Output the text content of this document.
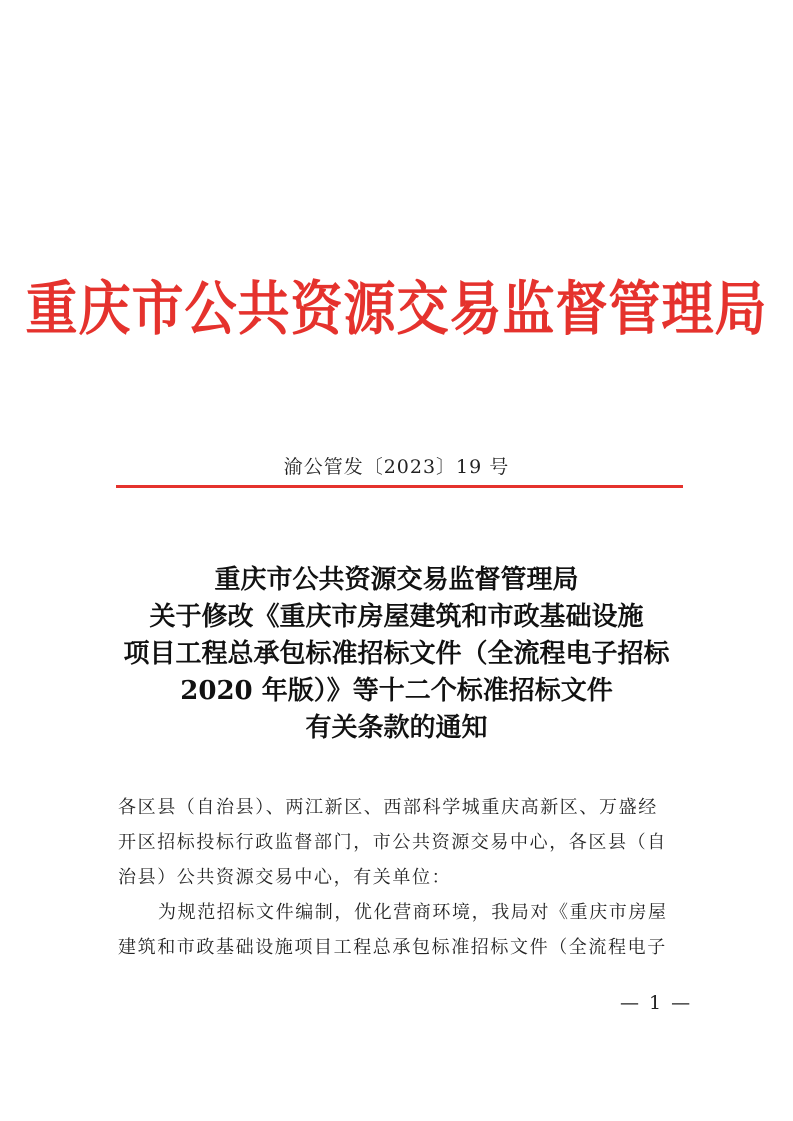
重庆市公共资源交易监督管理局
渝公管发〔2023〕19 号
重庆市公共资源交易监督管理局
关于修改《重庆市房屋建筑和市政基础设施
项目工程总承包标准招标文件（全流程电子招标
2020 年版）》等十二个标准招标文件
有关条款的通知

各区县（自治县）、两江新区、西部科学城重庆高新区、万盛经

开区招标投标行政监督部门，市公共资源交易中心，各区县（自

治县）公共资源交易中心，有关单位：

为规范招标文件编制，优化营商环境，我局对《重庆市房屋

建筑和市政基础设施项目工程总承包标准招标文件（全流程电子

— 1 —
